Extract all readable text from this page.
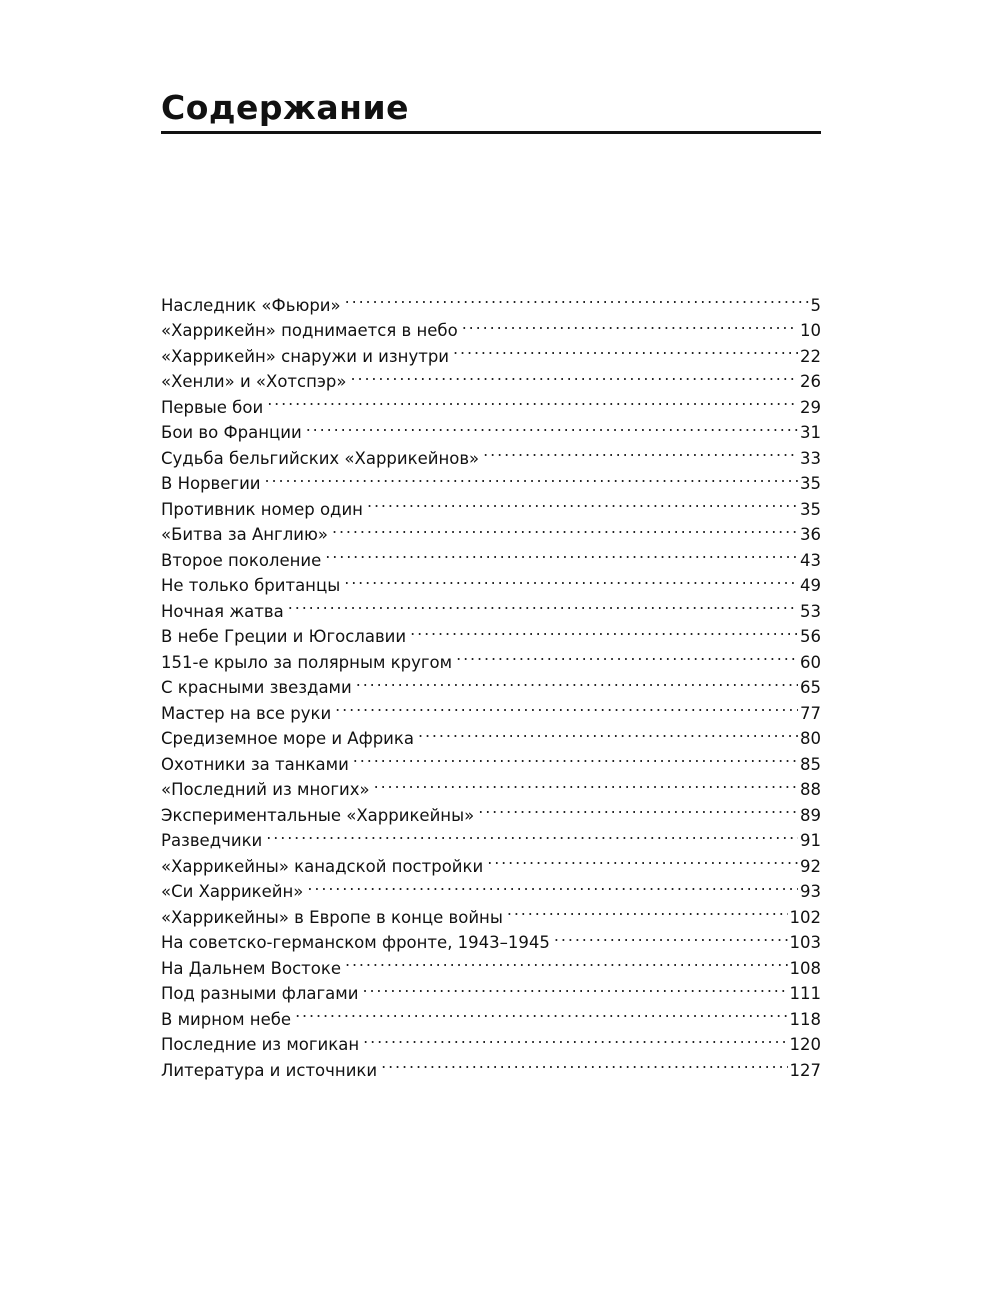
Содержание
Наследник «Фьюри» . . .	5
«Харрикейн» поднимается в небо . . .	10
«Харрикейн» снаружи и изнутри . . .	22
«Хенли» и «Хотспэр» . . .	26
Первые бои . . .	29
Бои во Франции . . .	31
Судьба бельгийских «Харрикейнов» . . .	33
В Норвегии . . .	35
Противник номер один . . .	35
«Битва за Англию» . . .	36
Второе поколение . . .	43
Не только британцы . . .	49
Ночная жатва . . .	53
В небе Греции и Югославии . . .	56
151-е крыло за полярным кругом . . .	60
С красными звездами . . .	65
Мастер на все руки . . .	77
Средиземное море и Африка . . .	80
Охотники за танками . . .	85
«Последний из многих» . . .	88
Экспериментальные «Харрикейны» . . .	89
Разведчики . . .	91
«Харрикейны» канадской постройки . . .	92
«Си Харрикейн» . . .	93
«Харрикейны» в Европе в конце войны . . .	102
На советско-германском фронте, 1943–1945 . . .	103
На Дальнем Востоке . . .	108
Под разными флагами . . .	111
В мирном небе . . .	118
Последние из могикан . . .	120
Литература и источники . . .	127
